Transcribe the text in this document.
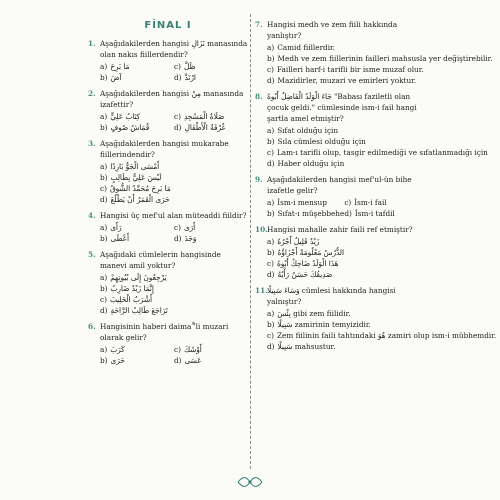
FİNAL I
1. Aşağıdakilerden hangisi نَزَالِ manasında olan nakıs fiillerdendir?
a) مَا بَرِحَ	c) ظَلَّ
b) آضَ	d) ارْتَدَّ
2. Aşağıdakilerden hangisi مِنْ manasında izafettir?
a) كِتَابُ عَلِيٍّ	c) صَلَاةُ الْمَسْجِدِ
b) قُمَاشُ صُوفٍ	d) غُرْفَةُ الْأَطْفَالِ
3. Aşağıdakilerden hangisi mukarabe fiillerindendir?
a) أَمْسَى الْجَوُّ بَارِدًا
b) لَيْسَ عَلِيٌّ بِطَالِبٍ
c) مَا بَرِحَ مُحَمَّدٌ الشُّوقُ
d) حَرَى الْقَمَرُ أَنْ يَطْلُعَ
4. Hangisi üç mef'ul alan müteaddi fiildir?
a) رَأَى	c) أَرَى
b) أَعْطَى	d) وَجَدَ
5. Aşağıdaki cümlelerin hangisinde manevi amil yoktur?
a) يَرْجِعُونَ إِلَى بُيُوتِهِمْ
b) إِنَّمَا زَيْدٌ ضَارِبٌ
c) أَشْرَبُ الْحَلِيبَ
d) تَرَاجَعَ طَالِبُ الرَّاحَةِ
6. Hangisinin haberi daima َّ'li muzari olarak gelir?
a) كَرَبَ	c) أَوْشَكَ
b) حَرَى	d) عَسَى
7. Hangisi medh ve zem fiili hakkında yanlıştır?
a) Camid fiillerdir.
b) Medh ve zem fiillerinin failleri mahsusla yer değiştirebilir.
c) Failleri harf-i tarifli bir isme muzaf olur.
d) Mazidirler, muzari ve emirleri yoktur.
8. جَاءَ الْوَلَدُ الْفَاضِلُ أَبُوهُ "Babası faziletli olan çocuk geldi." cümlesinde ism-i fail hangi şartla amel etmiştir?
a) Sıfat olduğu için
b) Sıla cümlesi olduğu için
c) Lam-ı tarifli olup, tasgir edilmediği ve sıfatlanmadığı için
d) Haber olduğu için
9. Aşağıdakilerden hangisi mef'ul-ün bihe izafetle gelir?
a) İsm-i mensup c) İsm-i fail
b) Sıfat-ı müşebbehe d) İsm-i tafdil
10. Hangisi mahalle zahir faili ref etmiştir?
a) زَيْدٌ قَلِيلٌ أَجْرُهُ
b) الدُّرُسُ مَعْلُومَةٌ أَجْزَاؤُهُ
c) هَذَا الْوَلَدُ ضَاحِكٌ أَبُوهُ
d) صَدِيقُكَ حَسَنٌ رَأْيُهُ
11. وَسَاءَ سَبِيلًا cümlesi hakkında hangisi yalnıştır?
a) بِئْسَ gibi zem fiilidir.
b) سَبِيلًا zamirinin temyizidir.
c) Zem fiilinin faili tahtındaki هُوَ zamiri olup ism-i mübhemdir.
d) سَبِيلًا mahsustur.
